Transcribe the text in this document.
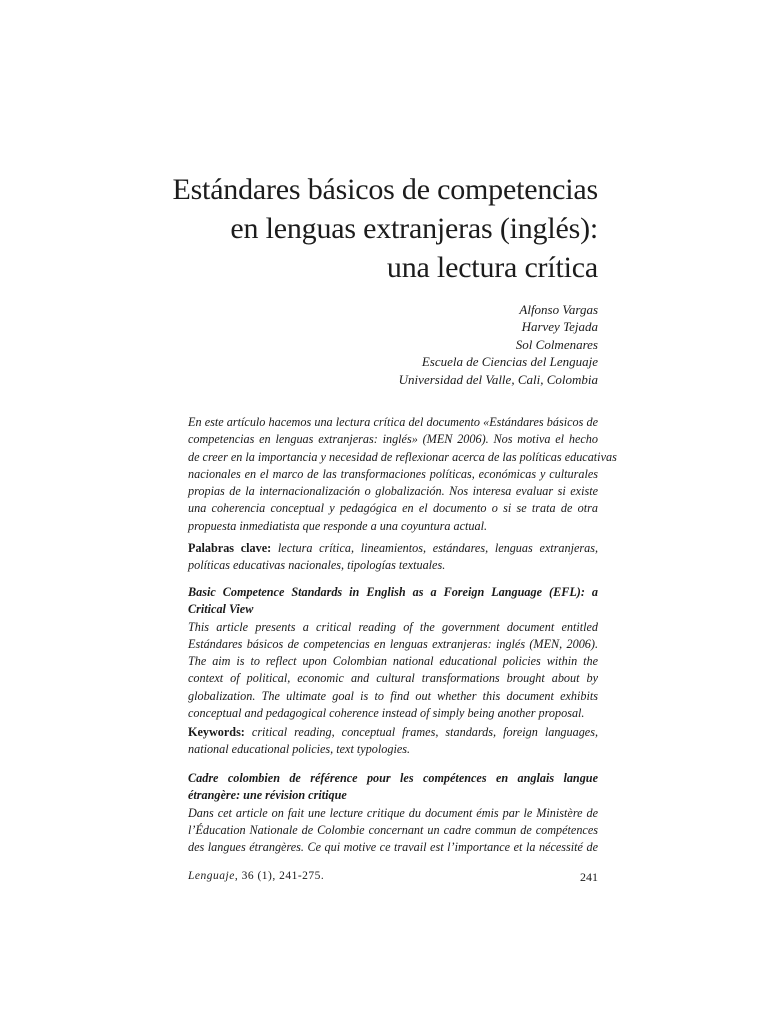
Estándares básicos de competencias
en lenguas extranjeras (inglés):
una lectura crítica
Alfonso Vargas
Harvey Tejada
Sol Colmenares
Escuela de Ciencias del Lenguaje
Universidad del Valle, Cali, Colombia
En este artículo hacemos una lectura crítica del documento «Estándares básicos de
competencias en lenguas extranjeras: inglés» (MEN 2006). Nos motiva el hecho
de creer en la importancia y necesidad de reflexionar acerca de las políticas educativas
nacionales en el marco de las transformaciones políticas, económicas y culturales
propias de la internacionalización o globalización. Nos interesa evaluar si existe
una coherencia conceptual y pedagógica en el documento o si se trata de otra
propuesta inmediatista que responde a una coyuntura actual.
Palabras clave: lectura crítica, lineamientos, estándares, lenguas extranjeras,
políticas educativas nacionales, tipologías textuales.
Basic Competence Standards in English as a Foreign Language (EFL): a
Critical View
This article presents a critical reading of the government document entitled
Estándares básicos de competencias en lenguas extranjeras: inglés (MEN, 2006).
The aim is to reflect upon Colombian national educational policies within the
context of political, economic and cultural transformations brought about by
globalization. The ultimate goal is to find out whether this document exhibits
conceptual and pedagogical coherence instead of simply being another proposal.
Keywords: critical reading, conceptual frames, standards, foreign languages,
national educational policies, text typologies.
Cadre colombien de référence pour les compétences en anglais langue
étrangère: une révision critique
Dans cet article on fait une lecture critique du document émis par le Ministère de
l’Éducation Nationale de Colombie concernant un cadre commun de compétences
des langues étrangères. Ce qui motive ce travail est l’importance et la nécessité de
Lenguaje, 36 (1), 241-275.	241
